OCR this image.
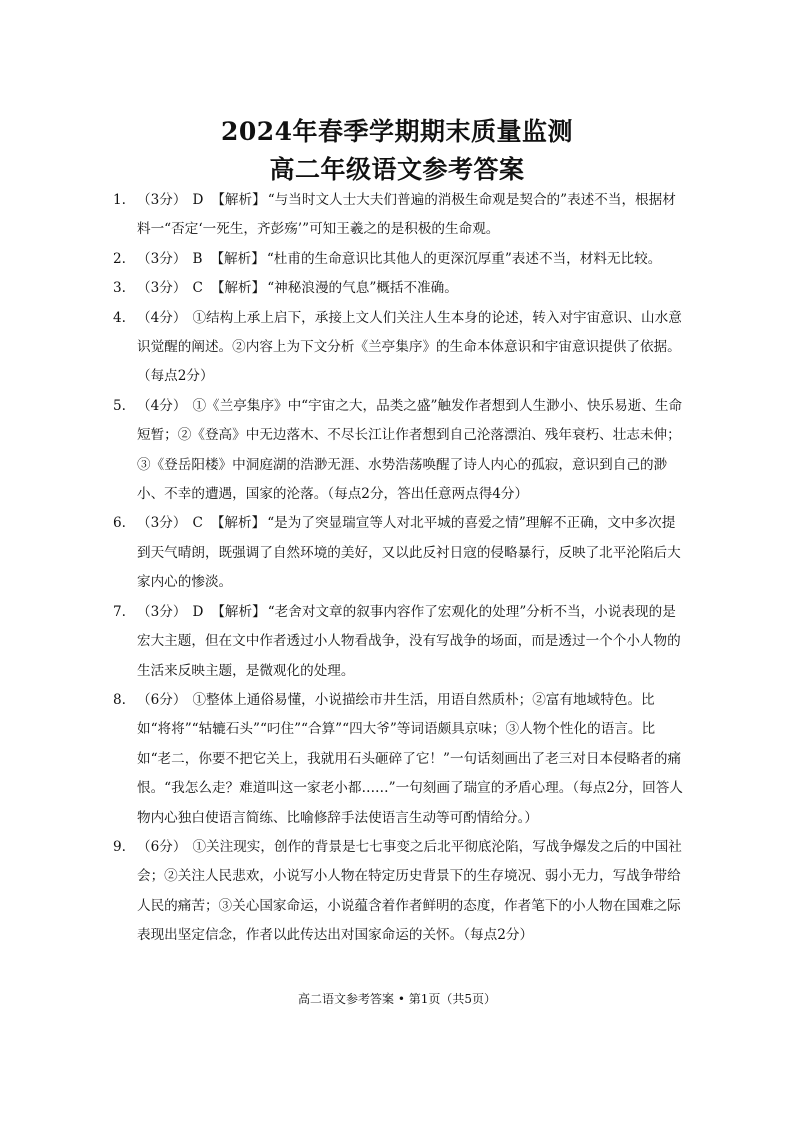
2024年春季学期期末质量监测
高二年级语文参考答案

1. （3分） D 【解析】 “与当时文人士大夫们普遍的消极生命观是契合的”表述不当，根据材料一“否定‘一死生，齐彭殇’”可知王羲之的是积极的生命观。

2. （3分） B 【解析】 “杜甫的生命意识比其他人的更深沉厚重”表述不当，材料无比较。

3. （3分） C 【解析】 “神秘浪漫的气息”概括不准确。

4. （4分） ①结构上承上启下，承接上文人们关注人生本身的论述，转入对宇宙意识、山水意识觉醒的阐述。②内容上为下文分析《兰亭集序》的生命本体意识和宇宙意识提供了依据。（每点2分）

5. （4分） ①《兰亭集序》中“宇宙之大，品类之盛”触发作者想到人生渺小、快乐易逝、生命短暂；②《登高》中无边落木、不尽长江让作者想到自己沦落漂泊、残年衰朽、壮志未伸；③《登岳阳楼》中洞庭湖的浩渺无涯、水势浩荡唤醒了诗人内心的孤寂，意识到自己的渺小、不幸的遭遇，国家的沦落。（每点2分，答出任意两点得4分）

6. （3分） C 【解析】 “是为了突显瑞宣等人对北平城的喜爱之情”理解不正确，文中多次提到天气晴朗，既强调了自然环境的美好，又以此反衬日寇的侵略暴行，反映了北平沦陷后大家内心的惨淡。

7. （3分） D 【解析】 “老舍对文章的叙事内容作了宏观化的处理”分析不当，小说表现的是宏大主题，但在文中作者透过小人物看战争，没有写战争的场面，而是透过一个个小人物的生活来反映主题，是微观化的处理。

8. （6分） ①整体上通俗易懂，小说描绘市井生活，用语自然质朴；②富有地域特色。比如“将将”“轱辘石头”“叼住”“合算”“四大爷”等词语颇具京味；③人物个性化的语言。比如“老二，你要不把它关上，我就用石头砸碎了它！”一句话刻画出了老三对日本侵略者的痛恨。“我怎么走？难道叫这一家老小都……”一句刻画了瑞宣的矛盾心理。（每点2分，回答人物内心独白使语言简练、比喻修辞手法使语言生动等可酌情给分。）

9. （6分） ①关注现实，创作的背景是七七事变之后北平彻底沦陷，写战争爆发之后的中国社会；②关注人民悲欢，小说写小人物在特定历史背景下的生存境况、弱小无力，写战争带给人民的痛苦；③关心国家命运，小说蕴含着作者鲜明的态度，作者笔下的小人物在国难之际表现出坚定信念，作者以此传达出对国家命运的关怀。（每点2分）

高二语文参考答案 • 第1页（共5页）
